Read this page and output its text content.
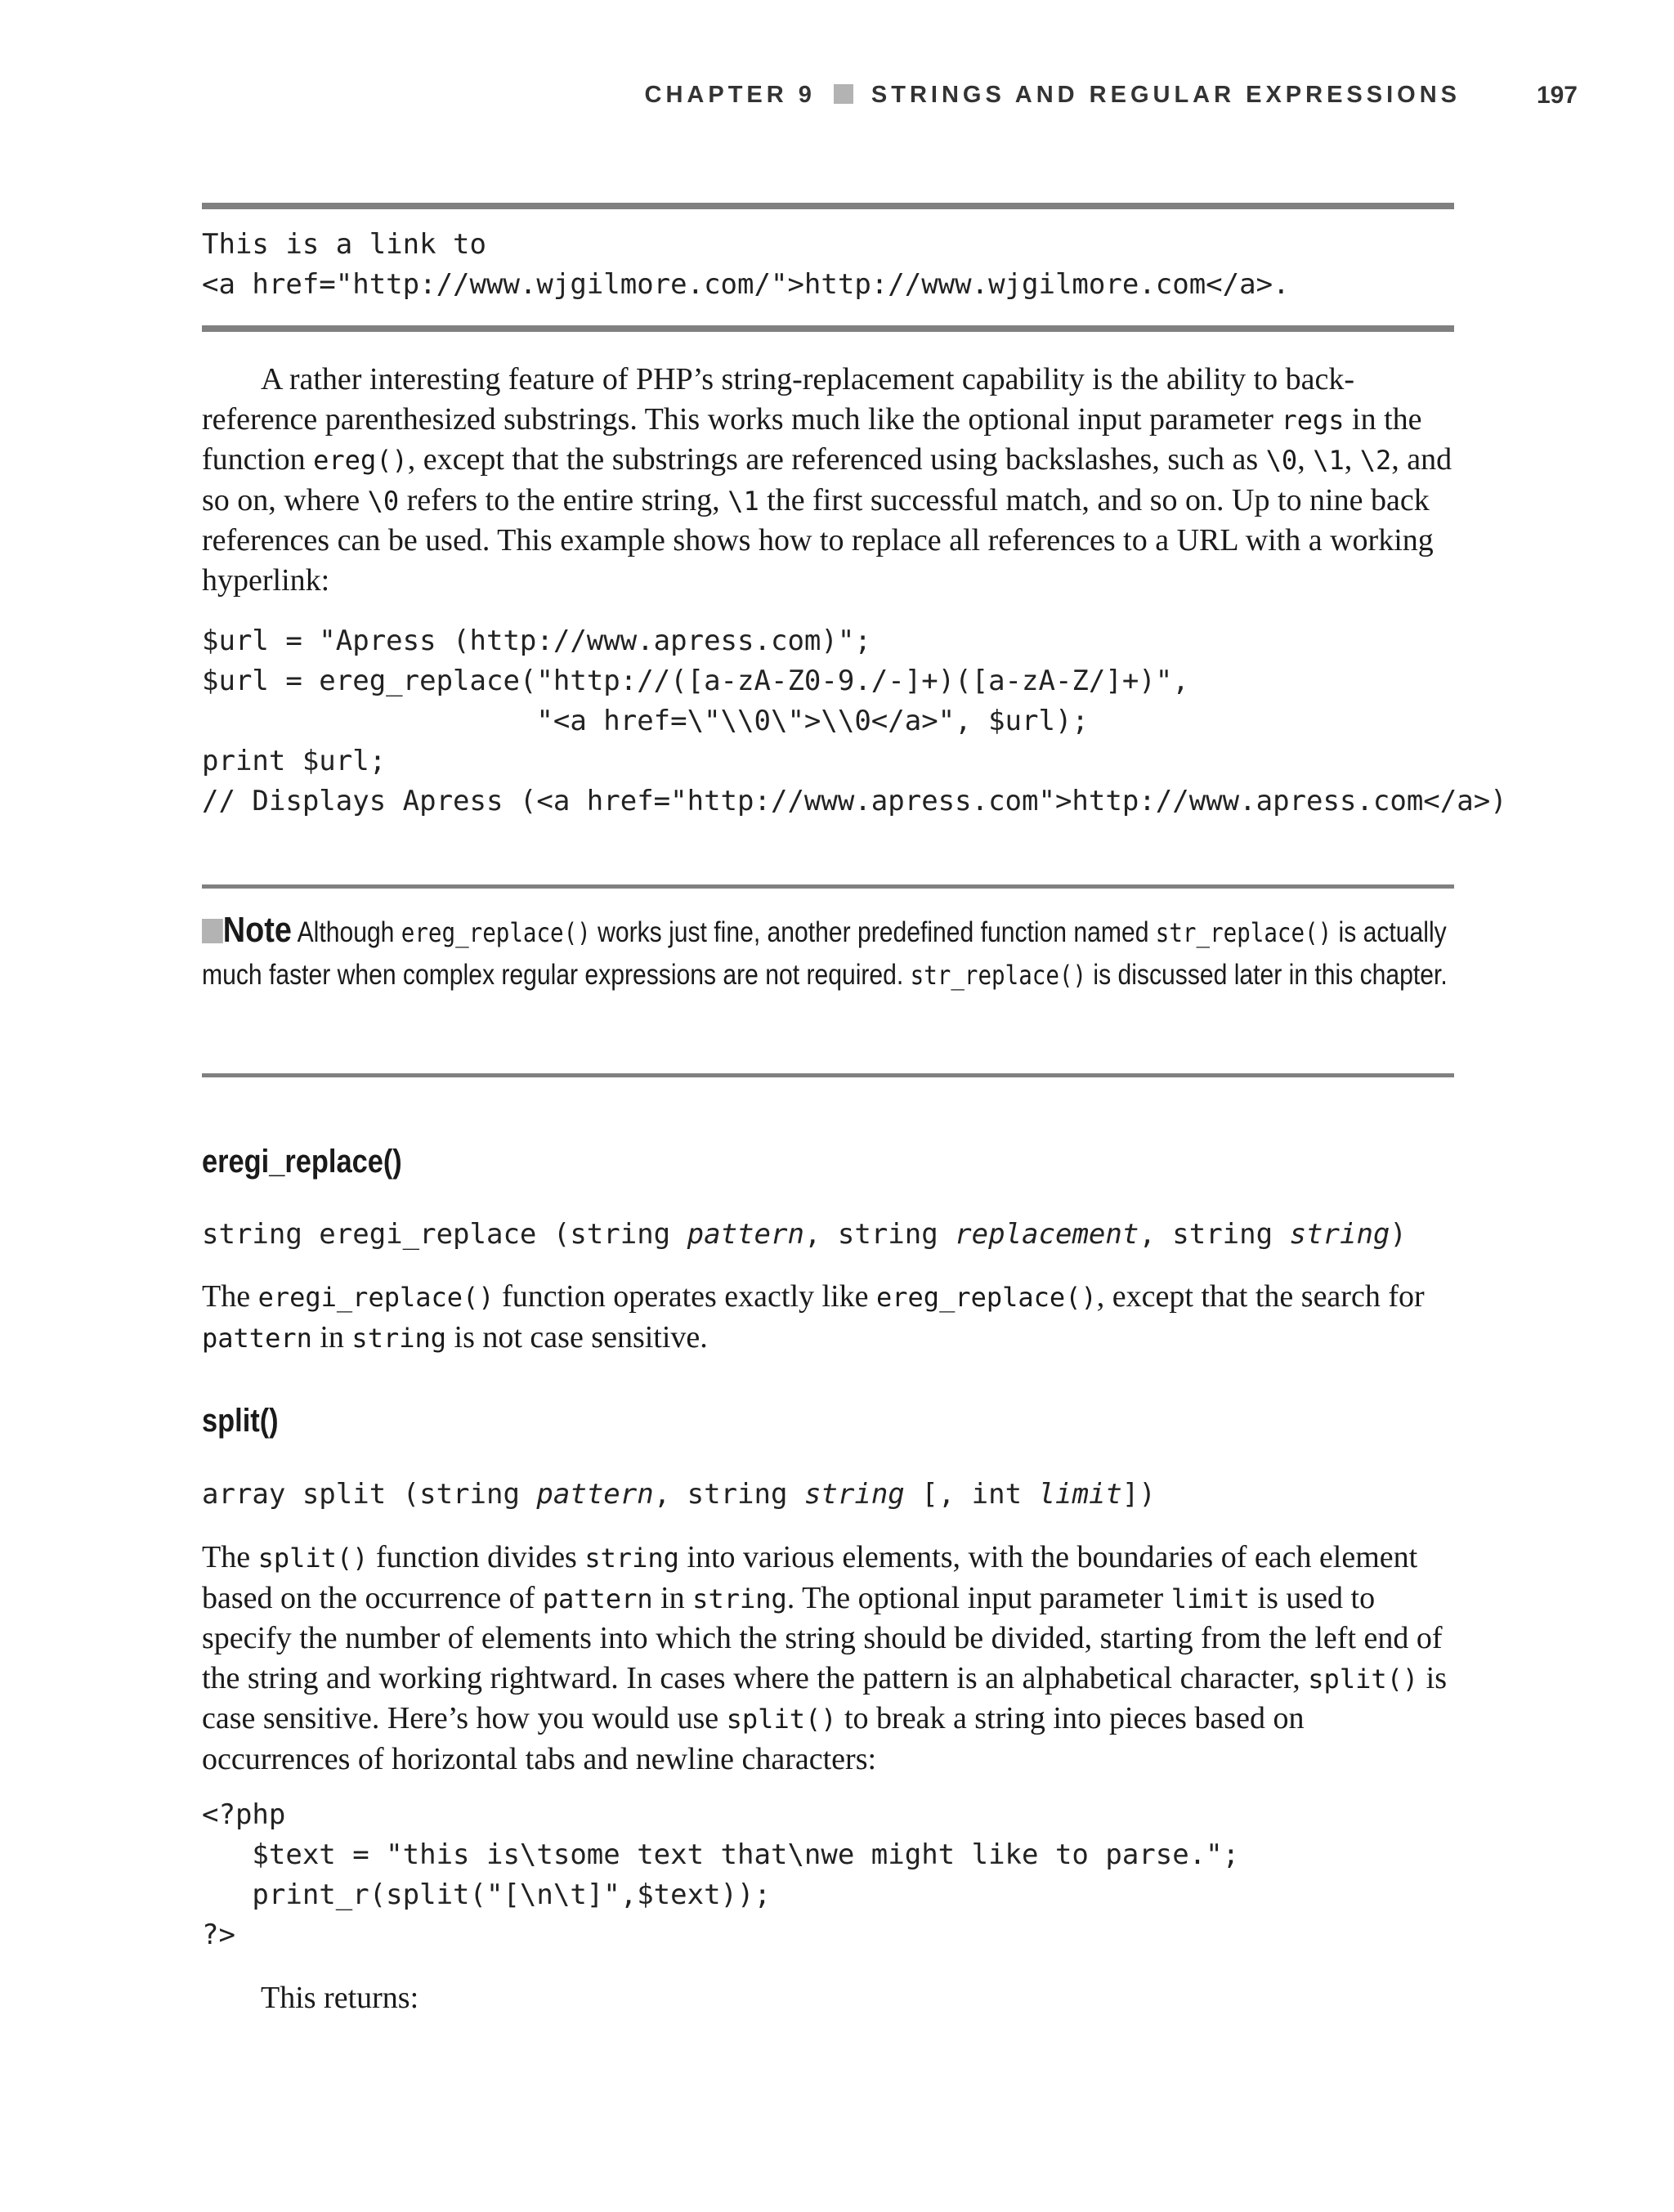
CHAPTER 9 STRINGS AND REGULAR EXPRESSIONS	197
This is a link to
<a href="http://www.wjgilmore.com/">http://www.wjgilmore.com</a>.

A rather interesting feature of PHP’s string-replacement capability is the ability to back-reference parenthesized substrings. This works much like the optional input parameter regs in the function ereg(), except that the substrings are referenced using backslashes, such as \0, \1, \2, and so on, where \0 refers to the entire string, \1 the first successful match, and so on. Up to nine back references can be used. This example shows how to replace all references to a URL with a working hyperlink:

$url = "Apress (http://www.apress.com)";
$url = ereg_replace("http://([a-zA-Z0-9./-]+)([a-zA-Z/]+)",
"<a href=\"\\0\">\\0</a>", $url);
print $url;
// Displays Apress (<a href="http://www.apress.com">http://www.apress.com</a>)
Note Although ereg_replace() works just fine, another predefined function named str_replace() is actually much faster when complex regular expressions are not required. str_replace() is discussed later in this chapter.
eregi_replace()
string eregi_replace (string pattern, string replacement, string string)

The eregi_replace() function operates exactly like ereg_replace(), except that the search for pattern in string is not case sensitive.

split()
array split (string pattern, string string [, int limit])

The split() function divides string into various elements, with the boundaries of each element based on the occurrence of pattern in string. The optional input parameter limit is used to specify the number of elements into which the string should be divided, starting from the left end of the string and working rightward. In cases where the pattern is an alphabetical character, split() is case sensitive. Here’s how you would use split() to break a string into pieces based on occurrences of horizontal tabs and newline characters:

<?php
$text = "this is\tsome text that\nwe might like to parse.";
print_r(split("[\n\t]",$text));
?>

This returns:
